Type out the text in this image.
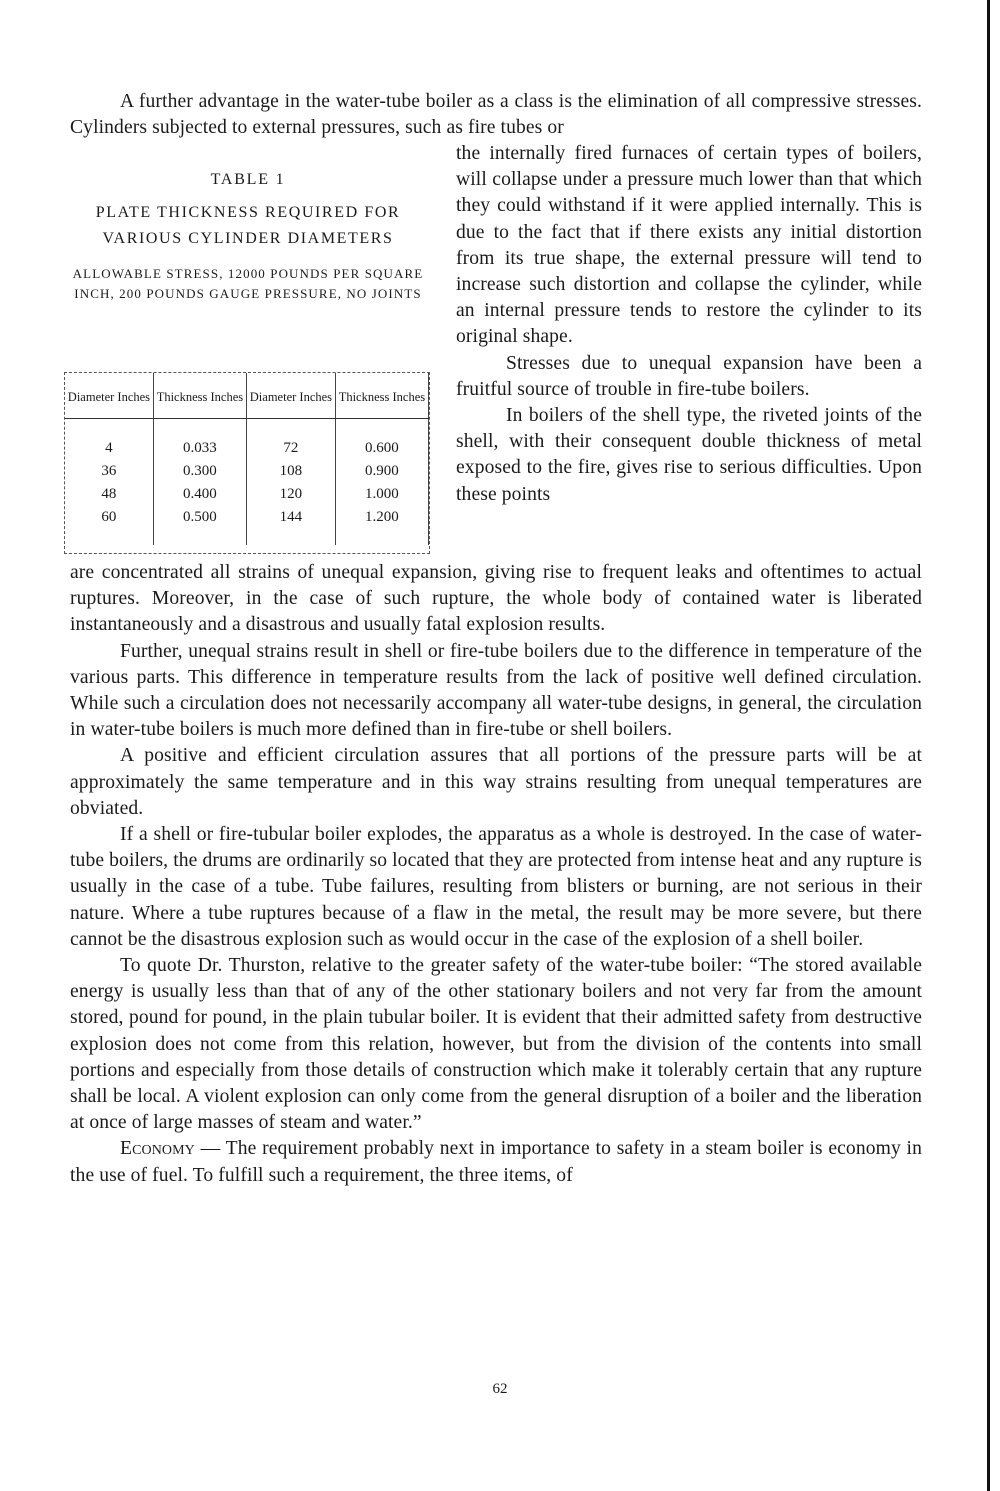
A further advantage in the water-tube boiler as a class is the elimination of all compressive stresses. Cylinders subjected to external pressures, such as fire tubes or
TABLE 1
PLATE THICKNESS REQUIRED FOR VARIOUS CYLINDER DIAMETERS
ALLOWABLE STRESS, 12000 POUNDS PER SQUARE INCH, 200 POUNDS GAUGE PRESSURE, NO JOINTS
Diameter Inches	Thickness Inches	Diameter Inches	Thickness Inches
4	0.033	72	0.600
36	0.300	108	0.900
48	0.400	120	1.000
60	0.500	144	1.200

the internally fired furnaces of certain types of boilers, will collapse under a pressure much lower than that which they could withstand if it were applied internally. This is due to the fact that if there exists any initial distortion from its true shape, the external pressure will tend to increase such distortion and collapse the cylinder, while an internal pressure tends to restore the cylinder to its original shape.

Stresses due to unequal expansion have been a fruitful source of trouble in fire-tube boilers.

In boilers of the shell type, the riveted joints of the shell, with their consequent double thickness of metal exposed to the fire, gives rise to serious difficulties. Upon these points

are concentrated all strains of unequal expansion, giving rise to frequent leaks and oftentimes to actual ruptures. Moreover, in the case of such rupture, the whole body of contained water is liberated instantaneously and a disastrous and usually fatal explosion results.

Further, unequal strains result in shell or fire-tube boilers due to the difference in temperature of the various parts. This difference in temperature results from the lack of positive well defined circulation. While such a circulation does not necessarily accompany all water-tube designs, in general, the circulation in water-tube boilers is much more defined than in fire-tube or shell boilers.

A positive and efficient circulation assures that all portions of the pressure parts will be at approximately the same temperature and in this way strains resulting from unequal temperatures are obviated.

If a shell or fire-tubular boiler explodes, the apparatus as a whole is destroyed. In the case of water-tube boilers, the drums are ordinarily so located that they are protected from intense heat and any rupture is usually in the case of a tube. Tube failures, resulting from blisters or burning, are not serious in their nature. Where a tube ruptures because of a flaw in the metal, the result may be more severe, but there cannot be the disastrous explosion such as would occur in the case of the explosion of a shell boiler.

To quote Dr. Thurston, relative to the greater safety of the water-tube boiler: “The stored available energy is usually less than that of any of the other stationary boilers and not very far from the amount stored, pound for pound, in the plain tubular boiler. It is evident that their admitted safety from destructive explosion does not come from this relation, however, but from the division of the contents into small portions and especially from those details of construction which make it tolerably certain that any rupture shall be local. A violent explosion can only come from the general disruption of a boiler and the liberation at once of large masses of steam and water.”

Economy — The requirement probably next in importance to safety in a steam boiler is economy in the use of fuel. To fulfill such a requirement, the three items, of

62
